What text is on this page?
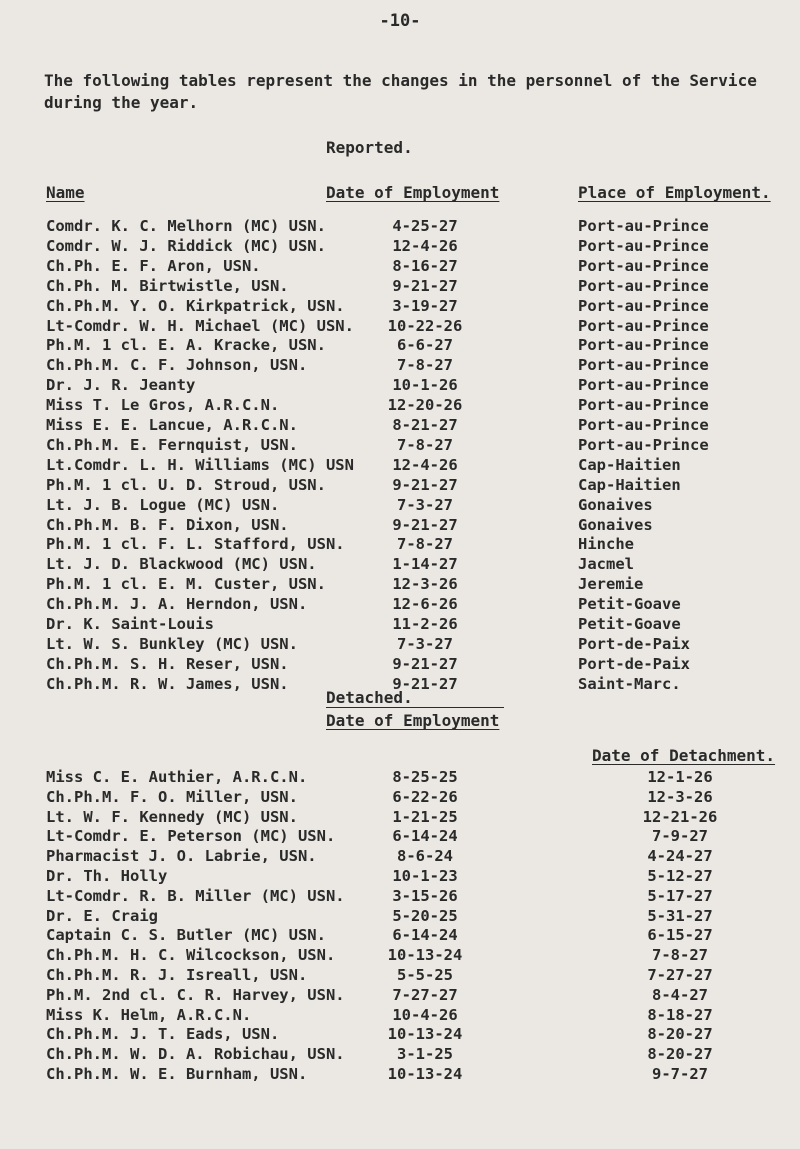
-10-
The following tables represent the changes in the personnel of the Service during the year.
Reported.
Name	Date of Employment	Place of Employment.
Comdr. K. C. Melhorn (MC) USN.	4-25-27	Port-au-Prince
Comdr. W. J. Riddick (MC) USN.	12-4-26	Port-au-Prince
Ch.Ph. E. F. Aron, USN.	8-16-27	Port-au-Prince
Ch.Ph. M. Birtwistle, USN.	9-21-27	Port-au-Prince
Ch.Ph.M. Y. O. Kirkpatrick, USN.	3-19-27	Port-au-Prince
Lt-Comdr. W. H. Michael (MC) USN.	10-22-26	Port-au-Prince
Ph.M. 1 cl. E. A. Kracke, USN.	6-6-27	Port-au-Prince
Ch.Ph.M. C. F. Johnson, USN.	7-8-27	Port-au-Prince
Dr. J. R. Jeanty	10-1-26	Port-au-Prince
Miss T. Le Gros, A.R.C.N.	12-20-26	Port-au-Prince
Miss E. E. Lancue, A.R.C.N.	8-21-27	Port-au-Prince
Ch.Ph.M. E. Fernquist, USN.	7-8-27	Port-au-Prince
Lt.Comdr. L. H. Williams (MC) USN	12-4-26	Cap-Haitien
Ph.M. 1 cl. U. D. Stroud, USN.	9-21-27	Cap-Haitien
Lt. J. B. Logue (MC) USN.	7-3-27	Gonaives
Ch.Ph.M. B. F. Dixon, USN.	9-21-27	Gonaives
Ph.M. 1 cl. F. L. Stafford, USN.	7-8-27	Hinche
Lt. J. D. Blackwood (MC) USN.	1-14-27	Jacmel
Ph.M. 1 cl. E. M. Custer, USN.	12-3-26	Jeremie
Ch.Ph.M. J. A. Herndon, USN.	12-6-26	Petit-Goave
Dr. K. Saint-Louis	11-2-26	Petit-Goave
Lt. W. S. Bunkley (MC) USN.	7-3-27	Port-de-Paix
Ch.Ph.M. S. H. Reser, USN.	9-21-27	Port-de-Paix
Ch.Ph.M. R. W. James, USN.	9-21-27	Saint-Marc.
Detached.
Date of Employment
Date of Detachment.
Miss C. E. Authier, A.R.C.N.	8-25-25	12-1-26
Ch.Ph.M. F. O. Miller, USN.	6-22-26	12-3-26
Lt. W. F. Kennedy (MC) USN.	1-21-25	12-21-26
Lt-Comdr. E. Peterson (MC) USN.	6-14-24	7-9-27
Pharmacist J. O. Labrie, USN.	8-6-24	4-24-27
Dr. Th. Holly	10-1-23	5-12-27
Lt-Comdr. R. B. Miller (MC) USN.	3-15-26	5-17-27
Dr. E. Craig	5-20-25	5-31-27
Captain C. S. Butler (MC) USN.	6-14-24	6-15-27
Ch.Ph.M. H. C. Wilcockson, USN.	10-13-24	7-8-27
Ch.Ph.M. R. J. Isreall, USN.	5-5-25	7-27-27
Ph.M. 2nd cl. C. R. Harvey, USN.	7-27-27	8-4-27
Miss K. Helm, A.R.C.N.	10-4-26	8-18-27
Ch.Ph.M. J. T. Eads, USN.	10-13-24	8-20-27
Ch.Ph.M. W. D. A. Robichau, USN.	3-1-25	8-20-27
Ch.Ph.M. W. E. Burnham, USN.	10-13-24	9-7-27
